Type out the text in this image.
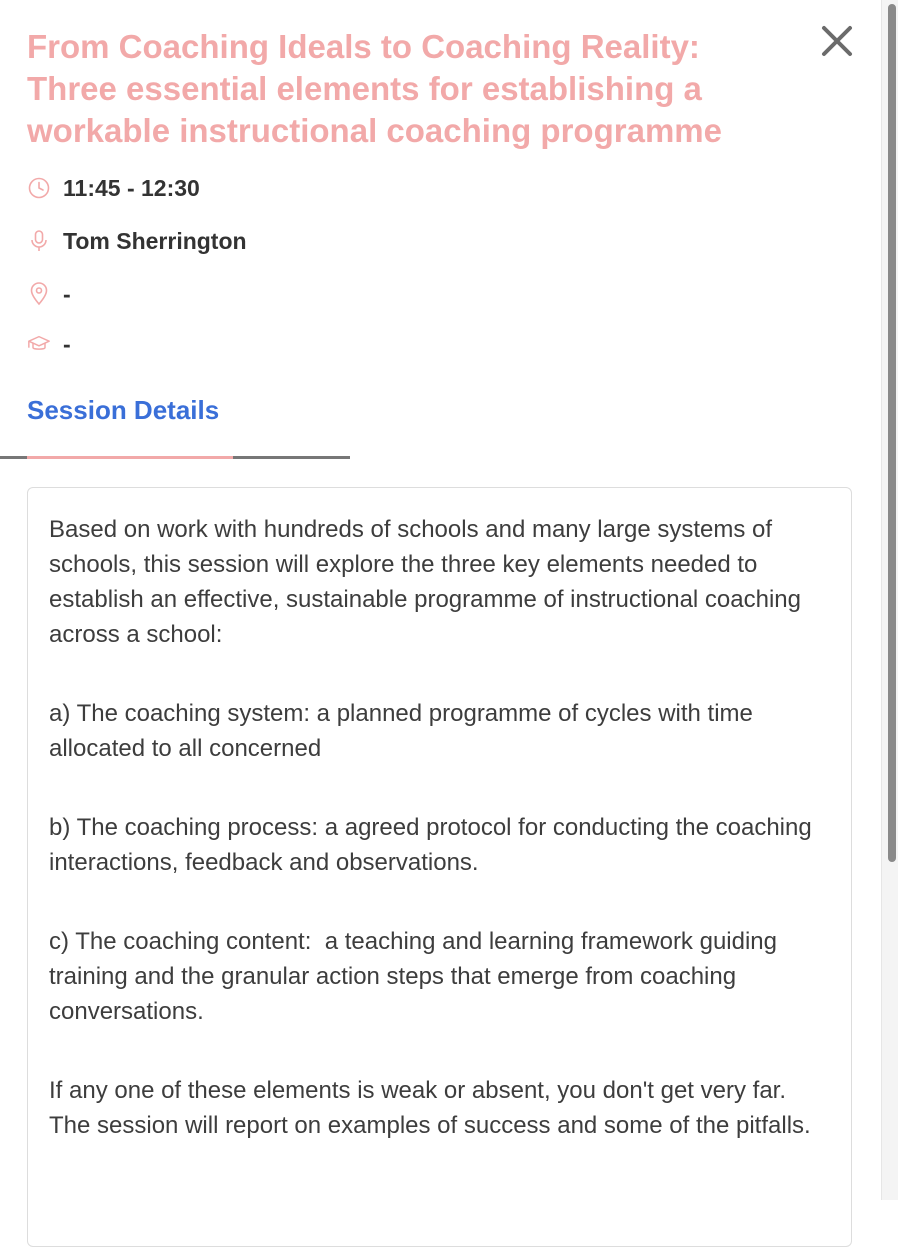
From Coaching Ideals to Coaching Reality: Three essential elements for establishing a workable instructional coaching programme
11:45 - 12:30
Tom Sherrington
-
-
Session Details

Based on work with hundreds of schools and many large systems of schools, this session will explore the three key elements needed to establish an effective, sustainable programme of instructional coaching across a school:

a) The coaching system: a planned programme of cycles with time allocated to all concerned

b) The coaching process: a agreed protocol for conducting the coaching interactions, feedback and observations.

c) The coaching content:  a teaching and learning framework guiding training and the granular action steps that emerge from coaching conversations.

If any one of these elements is weak or absent, you don't get very far. The session will report on examples of success and some of the pitfalls.
